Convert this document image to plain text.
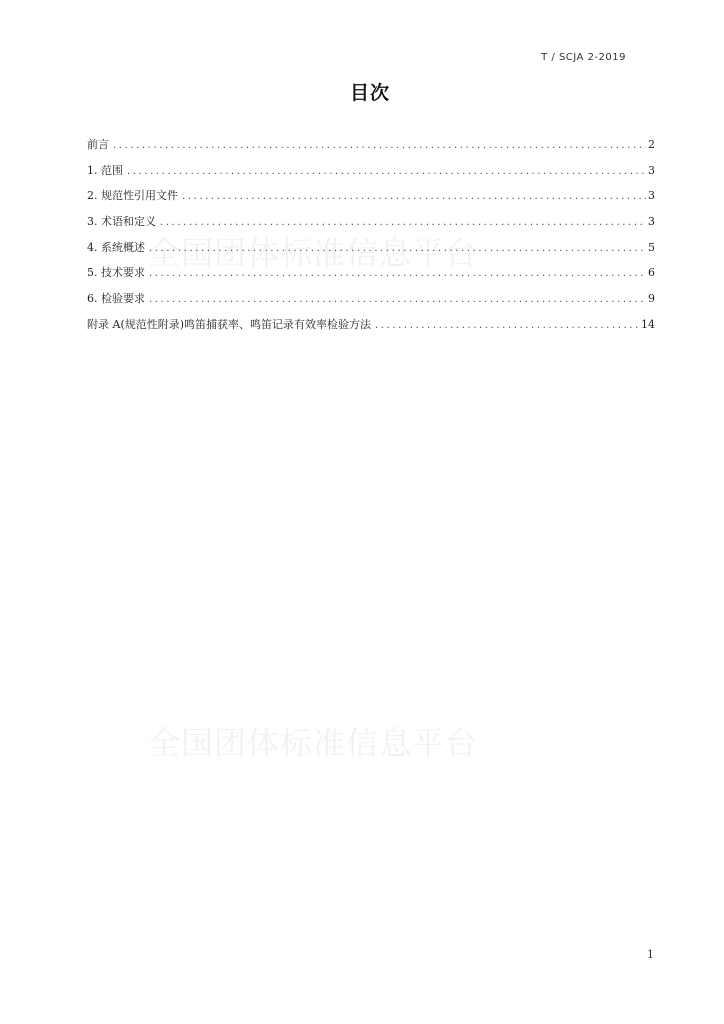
T / SCJA 2-2019
目次
全国团体标准信息平台
全国团体标准信息平台
前言 .....	2
1. 范围 .....	3
2. 规范性引用文件 .....	3
3. 术语和定义 .....	3
4. 系统概述 .....	5
5. 技术要求 .....	6
6. 检验要求 .....	9
附录 A(规范性附录)鸣笛捕获率、鸣笛记录有效率检验方法 .....	14
1
